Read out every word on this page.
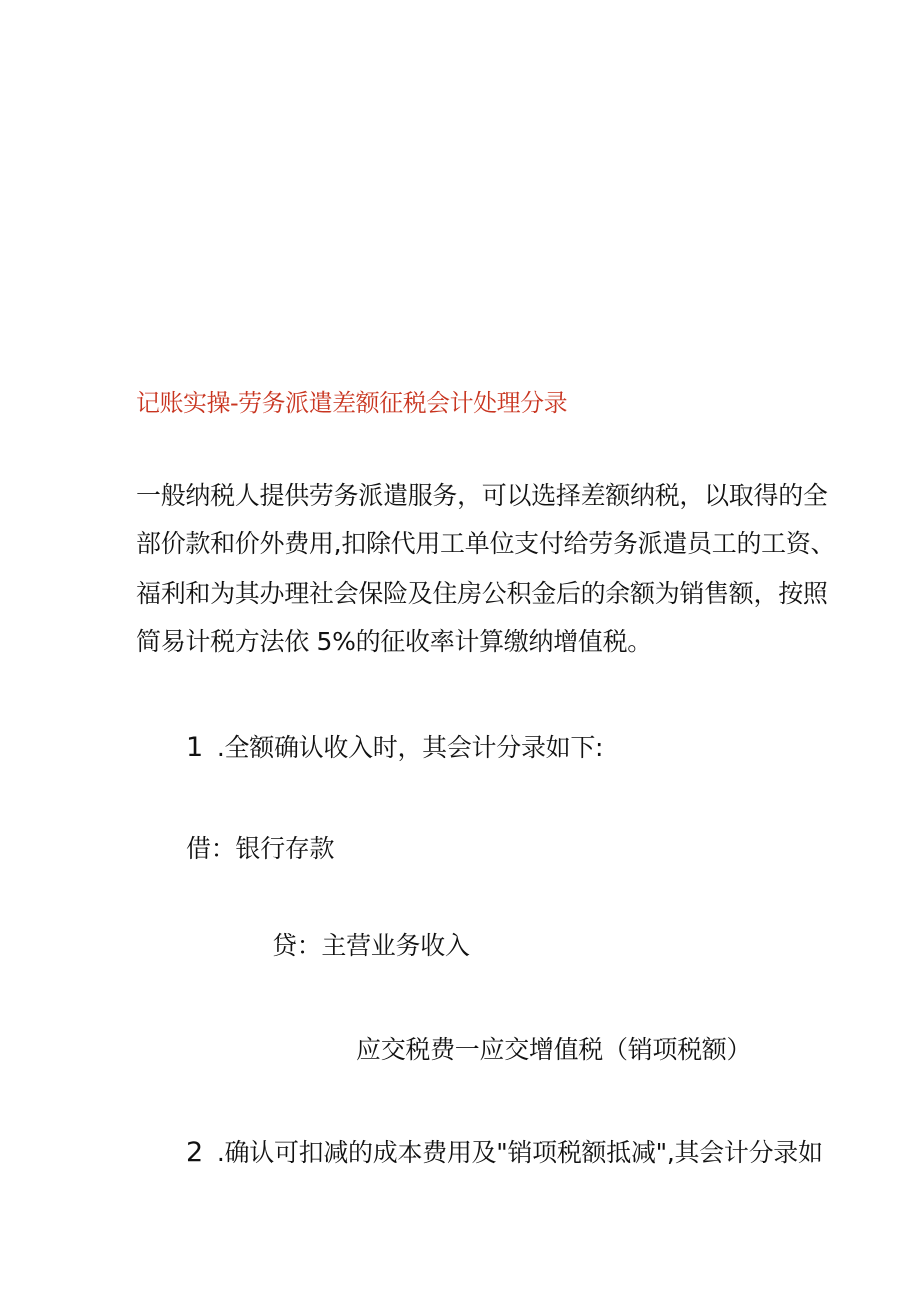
记账实操-劳务派遣差额征税会计处理分录
一般纳税人提供劳务派遣服务，可以选择差额纳税，以取得的全
部价款和价外费用,扣除代用工单位支付给劳务派遣员工的工资、
福利和为其办理社会保险及住房公积金后的余额为销售额，按照
简易计税方法依 5%的征收率计算缴纳增值税。
1 .全额确认收入时，其会计分录如下:
借：银行存款
贷：主营业务收入
应交税费一应交增值税（销项税额）
2 .确认可扣减的成本费用及"销项税额抵减",其会计分录如
